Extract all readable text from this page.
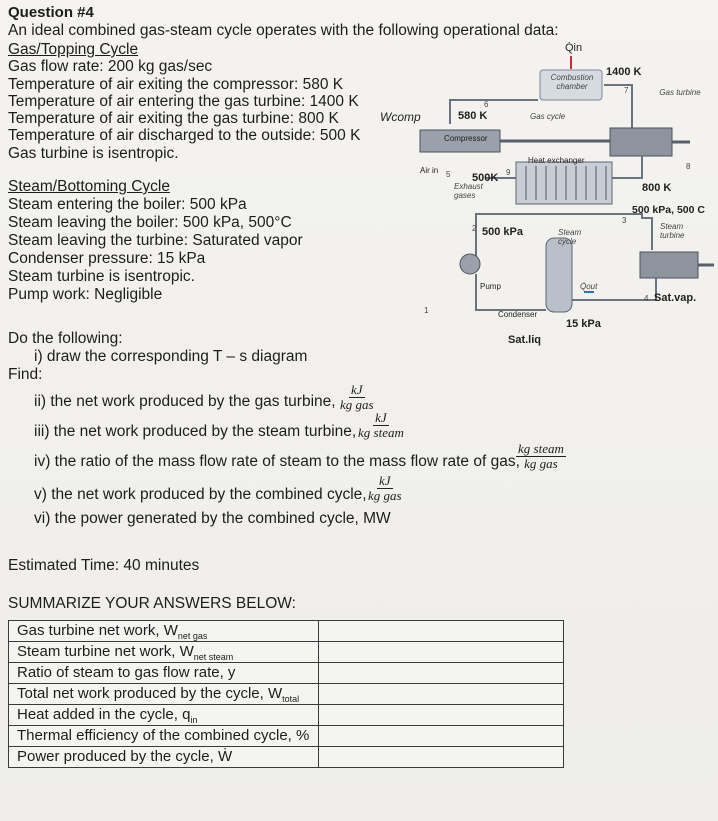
Question #4
An ideal combined gas-steam cycle operates with the following operational data:
Gas/Topping Cycle
Gas flow rate: 200 kg gas/sec
Temperature of air exiting the compressor: 580 K
Temperature of air entering the gas turbine: 1400 K
Temperature of air exiting the gas turbine: 800 K
Temperature of air discharged to the outside: 500 K
Gas turbine is isentropic.
Steam/Bottoming Cycle
Steam entering the boiler: 500 kPa
Steam leaving the boiler: 500 kPa, 500°C
Steam leaving the turbine: Saturated vapor
Condenser pressure: 15 kPa
Steam turbine is isentropic.
Pump work: Negligible
Do the following:
i) draw the corresponding T – s diagram
Find:
ii) the net work produced by the gas turbine,
kJ
kg gas
iii) the net work produced by the steam turbine,
kJ
kg steam
iv) the ratio of the mass flow rate of steam to the mass flow rate of gas,
kg steam
kg gas
v) the net work produced by the combined cycle,
kJ
kg gas
vi) the power generated by the combined cycle, MW
Estimated Time: 40 minutes
SUMMARIZE YOUR ANSWERS BELOW:
Gas turbine net work, $W_{net gas}$	
Steam turbine net work, $W_{net steam}$	
Ratio of steam to gas flow rate, y	
Total net work produced by the cycle, $W_{total}$	
Heat added in the cycle, $q_{in}$	
Thermal efficiency of the combined cycle, %	
Power produced by the cycle, Ẇ	
Q̇in
Combustion chamber
1400 K
Gas turbine
Wcomp	580 K	Gas cycle
Compressor
Air in
500K
Exhaust gases
Heat exchanger
800 K
500 kPa, 500 C
Steam turbine
500 kPa	Steam cycle
Pump
Condenser
Q̇out
15 kPa
Sat.vap.
Sat.liq
1
2
3
4
5
6
7
8
9
